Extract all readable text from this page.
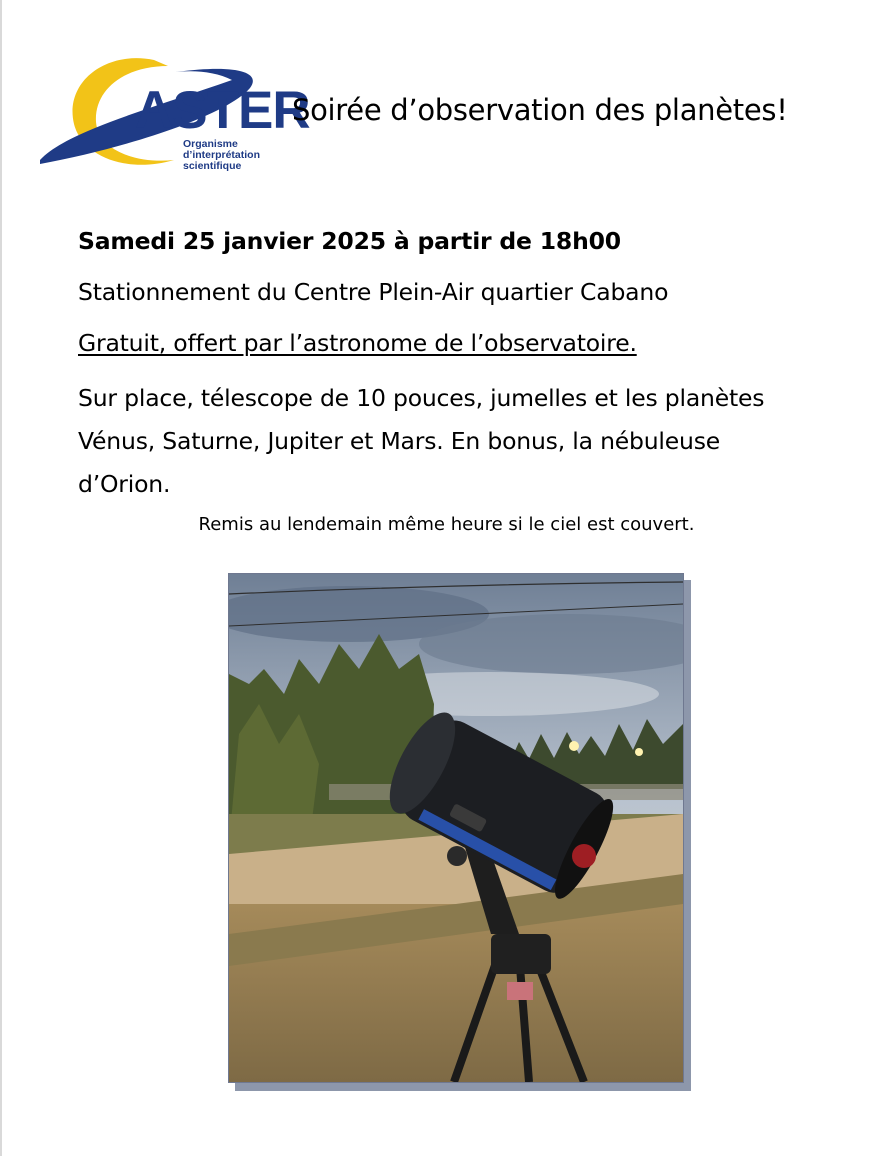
ASTER
Organisme
d’interprétation
scientifique
Soirée d’observation des planètes!
Samedi 25 janvier 2025 à partir de 18h00
Stationnement du Centre Plein-Air quartier Cabano
Gratuit, offert par l’astronome de l’observatoire.
Sur place, télescope de 10 pouces, jumelles et les planètes
Vénus, Saturne, Jupiter et Mars. En bonus, la nébuleuse
d’Orion.
Remis au lendemain même heure si le ciel est couvert.
